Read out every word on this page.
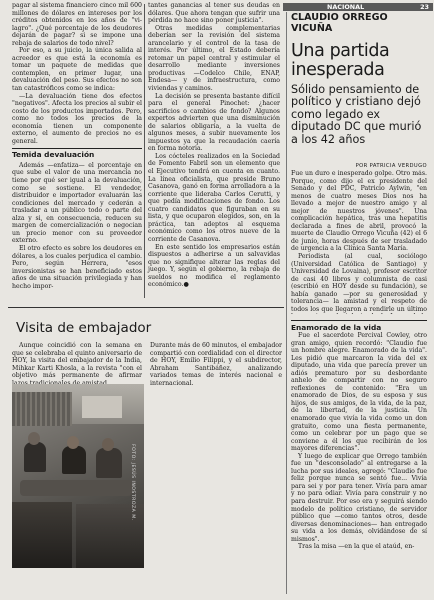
pagar al sistema financiero cinco mil 600 millones de dólares en intereses por los créditos obtenidos en los años de "vi-lagro". ¿Qué porcentaje de los deudores dejarán de pagar? si se impone una rebaja de salarios de todo nivel?

Por eso, a su juicio, la única salida al acreedor es que está la economía es tomar un paquete de medidas que contemplen, en primer lugar, una devaluación del peso. Sus efectos no son tan catastróficos como se indica:

—La devaluación tiene dos efectos "negativos". Afecta los precios al subir el costo de los productos importados. Pero, como no todos los precios de la economía tienen un componente externo, el aumento de precios no es general.

Temida devaluación

Además —enfatiza— el porcentaje en que sube el valor de una mercancía no tiene por qué ser igual a la devaluación, como se sostiene. El vendedor, distribuidor e importador evaluarán las condiciones del mercado y cederán a trasladar a un público todo o parte del alza y si, en consecuencia, reducen su margen de comercialización o negocian un precio menor con su proveedor externo.

El otro efecto es sobre los deudores en dólares, a los cuales perjudica el cambio. Pero, según Herrera, "esos inversionistas se han beneficiado estos años de una situación privilegiada y han hecho impor-

tantes ganancias al tener sus deudas en dólares. Que ahora tengan que sufrir una pérdida no hace sino poner justicia".

Otras medidas complementarias deberían ser la revisión del sistema arancelario y el control de la tasa de interés. Por último, el Estado debería retomar un papel central y estimular el desarrollo mediante inversiones productivas —Codelco Chile, ENAP, Endesa— y de infraestructura, como viviendas y caminos.

La decisión se presenta bastante difícil para el general Pinochet: ¿hacer sacrificios o cambios de fondo? Algunos expertos advierten que una disminución de salarios obligaría, a la vuelta de algunos meses, a subir nuevamente los impuestos ya que la recaudación caería en forma notoria.

Los cócteles realizados en la Sociedad de Fomento Fabril son un elemento que el Ejecutivo tendrá en cuenta en cuanto. La línea oficialista, que preside Bruno Casanova, ganó en forma arrolladora a la corriente que lideraba Carlos Cerutti, y que pedía modificaciones de fondo. Los cuatro candidatos que figuraban en su lista, y que ocuparon elegidos, son, en la práctica, tan adeptos al esquema económico como los otros nueve de la corriente de Casanova.

En este sentido los empresarios están dispuestos a adherirse a un salvavidas que no signifique alterar las reglas del juego. Y, según el gobierno, la rebaja de sueldos no modifica el reglamento económico.●

NACIONAL	23
CLAUDIO ORREGO VICUÑA
Una partida inesperada
Sólido pensamiento de político y cristiano dejó como legado ex diputado DC que murió a los 42 años
POR PATRICIA VERDUGO

Fue un duro e inesperado golpe. Otro más. Porque, como dijo el ex presidente del Senado y del PDC, Patricio Aylwin, "en menos de cuatro meses Dios nos ha llevado a mejor de nuestro amigo y al mejor de nuestros jóvenes". Una complicación hepática, tras una hepatitis declarada a fines de abril, provocó la muerte de Claudio Orrego Vicuña (42) el 6 de junio, horas después de ser trasladado de urgencia a la Clínica Santa María.

Periodista (al cual, sociólogo (Universidad Católica de Santiago) y Universidad de Lovaina), profesor escritor de casi 40 libros y columnista de casi (escribió en HOY desde su fundación), se había ganado —por su generosidad y tolerancia— la amistad y el respeto de todos los que llegaron a rendirle un último

Enamorado de la vida

Fue el sacerdote Percival Cowley, otro gran amigo, quien recordó: "Claudio fue un hombre alegre. Enamorado de la vida". Les pidió que marcaron la vida del ex diputado, una vida que parecía prever un adiós prematuro por su desbordante anhelo de compartir con no seguro reflexiones de contenido: "Era un enamorado de Dios, de su esposa y sus hijos, de sus amigos, de la vida, de la paz, de la libertad, de la justicia. Un enamorado que vivía la vida como un don gratuito, como una fiesta permanente, como un celebrar por un pago que se conviene a él los que recibirán de los mayores diferencias".

Y luego de explicar que Orrego también fue un "desconsolado" al entregarse a la lucha por sus ideales, agregó: "Claudio fue feliz porque nunca se sentó fue... Vivía para sei y por para tener. Vivía para amar y no para odiar. Vivía para construir y no para destruir. Por eso era y seguirá siendo modelo de político cristiano, de servidor público que —como tantos otros, desde diversas denominaciones— han entregado su vida a los demás, olvidándose de sí mismos".

Tras la misa —en la que el ataúd, en-

Visita de embajador

Aunque coincidió con la semana en que se celebraba el quinto aniversario de HOY, la visita del embajador de la India, Mihkar Karti Khosla, a la revista "con el objetivo más permanente de afirmar

Durante más de 60 minutos, el embajador compartió con cordialidad con el director de HOY, Emilio Filippi, y el subdirector, Abraham Santibáñez, analizando variados temas de interés nacional e internacional.

FOTO: JESÚS INOSTROZA M.
